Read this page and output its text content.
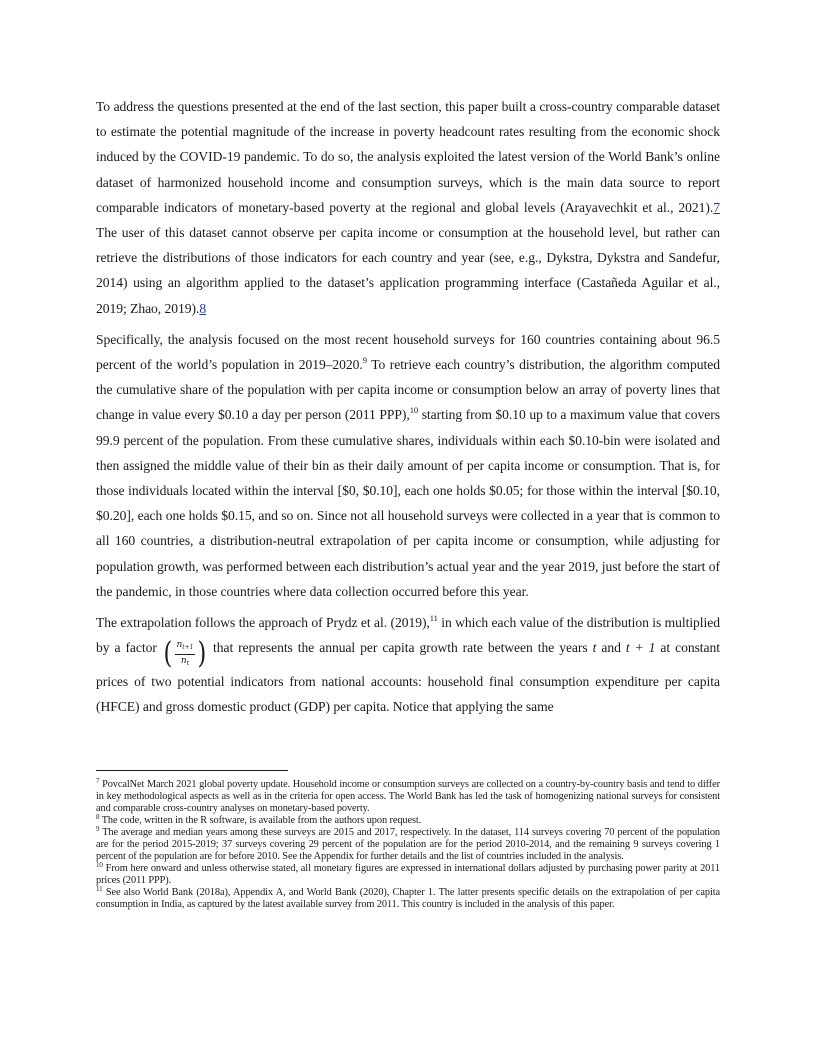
To address the questions presented at the end of the last section, this paper built a cross-country comparable dataset to estimate the potential magnitude of the increase in poverty headcount rates resulting from the economic shock induced by the COVID-19 pandemic. To do so, the analysis exploited the latest version of the World Bank’s online dataset of harmonized household income and consumption surveys, which is the main data source to report comparable indicators of monetary-based poverty at the regional and global levels (Arayavechkit et al., 2021).7 The user of this dataset cannot observe per capita income or consumption at the household level, but rather can retrieve the distributions of those indicators for each country and year (see, e.g., Dykstra, Dykstra and Sandefur, 2014) using an algorithm applied to the dataset’s application programming interface (Castañeda Aguilar et al., 2019; Zhao, 2019).8

Specifically, the analysis focused on the most recent household surveys for 160 countries containing about 96.5 percent of the world’s population in 2019–2020.$^9$ To retrieve each country’s distribution, the algorithm computed the cumulative share of the population with per capita income or consumption below an array of poverty lines that change in value every $0.10 a day per person (2011 PPP),$^{10}$ starting from $0.10 up to a maximum value that covers 99.9 percent of the population. From these cumulative shares, individuals within each $0.10-bin were isolated and then assigned the middle value of their bin as their daily amount of per capita income or consumption. That is, for those individuals located within the interval [$0, $0.10], each one holds $0.05; for those within the interval [$0.10, $0.20], each one holds $0.15, and so on. Since not all household surveys were collected in a year that is common to all 160 countries, a distribution-neutral extrapolation of per capita income or consumption, while adjusting for population growth, was performed between each distribution’s actual year and the year 2019, just before the start of the pandemic, in those countries where data collection occurred before this year.

The extrapolation follows the approach of Prydz et al. (2019),$^{11}$ in which each value of the distribution is multiplied by a factor ( $\frac{n_{t+1}}{n_t}$ ) that represents the annual per capita growth rate between the years t and t + 1 at constant prices of two potential indicators from national accounts: household final consumption expenditure per capita (HFCE) and gross domestic product (GDP) per capita. Notice that applying the same

$^7$ PovcalNet March 2021 global poverty update. Household income or consumption surveys are collected on a country-by-country basis and tend to differ in key methodological aspects as well as in the criteria for open access. The World Bank has led the task of homogenizing national surveys for consistent and comparable cross-country analyses on monetary-based poverty.

$^8$ The code, written in the R software, is available from the authors upon request.

$^9$ The average and median years among these surveys are 2015 and 2017, respectively. In the dataset, 114 surveys covering 70 percent of the population are for the period 2015-2019; 37 surveys covering 29 percent of the population are for the period 2010-2014, and the remaining 9 surveys covering 1 percent of the population are for before 2010. See the Appendix for further details and the list of countries included in the analysis.

$^{10}$ From here onward and unless otherwise stated, all monetary figures are expressed in international dollars adjusted by purchasing power parity at 2011 prices (2011 PPP).

$^{11}$ See also World Bank (2018a), Appendix A, and World Bank (2020), Chapter 1. The latter presents specific details on the extrapolation of per capita consumption in India, as captured by the latest available survey from 2011. This country is included in the analysis of this paper.
